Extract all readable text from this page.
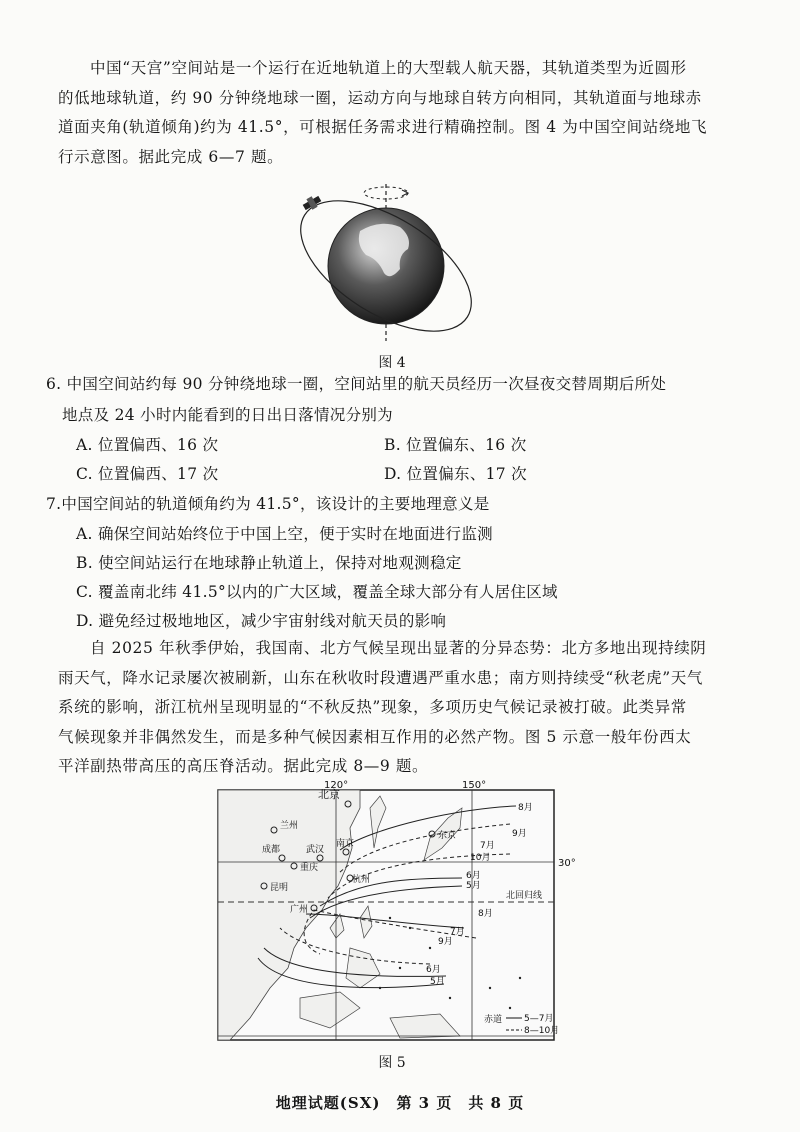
中国“天宫”空间站是一个运行在近地轨道上的大型载人航天器，其轨道类型为近圆形
的低地球轨道，约 90 分钟绕地球一圈，运动方向与地球自转方向相同，其轨道面与地球赤
道面夹角(轨道倾角)约为 41.5°，可根据任务需求进行精确控制。图 4 为中国空间站绕地飞
行示意图。据此完成 6—7 题。
图 4
6. 中国空间站约每 90 分钟绕地球一圈，空间站里的航天员经历一次昼夜交替周期后所处
地点及 24 小时内能看到的日出日落情况分别为
A. 位置偏西、16 次	B. 位置偏东、16 次
C. 位置偏西、17 次	D. 位置偏东、17 次
7.中国空间站的轨道倾角约为 41.5°，该设计的主要地理意义是
A. 确保空间站始终位于中国上空，便于实时在地面进行监测
B. 使空间站运行在地球静止轨道上，保持对地观测稳定
C. 覆盖南北纬 41.5°以内的广大区域，覆盖全球大部分有人居住区域
D. 避免经过极地地区，减少宇宙射线对航天员的影响
自 2025 年秋季伊始，我国南、北方气候呈现出显著的分异态势：北方多地出现持续阴
雨天气，降水记录屡次被刷新，山东在秋收时段遭遇严重水患；南方则持续受“秋老虎”天气
系统的影响，浙江杭州呈现明显的“不秋反热”现象，多项历史气候记录被打破。此类异常
气候现象并非偶然发生，而是多种气候因素相互作用的必然产物。图 5 示意一般年份西太
平洋副热带高压的高压脊活动。据此完成 8—9 题。
北京
兰州
成都	武汉
南京
重庆
昆明
杭州
广州
东京
120°	150°
30°
北回归线
赤道
8月
9月
7月
10月
6月
5月
7月
9月
8月
6月
5月
5—7月
8—10月
图 5
地理试题(SX)　第 3 页　共 8 页
